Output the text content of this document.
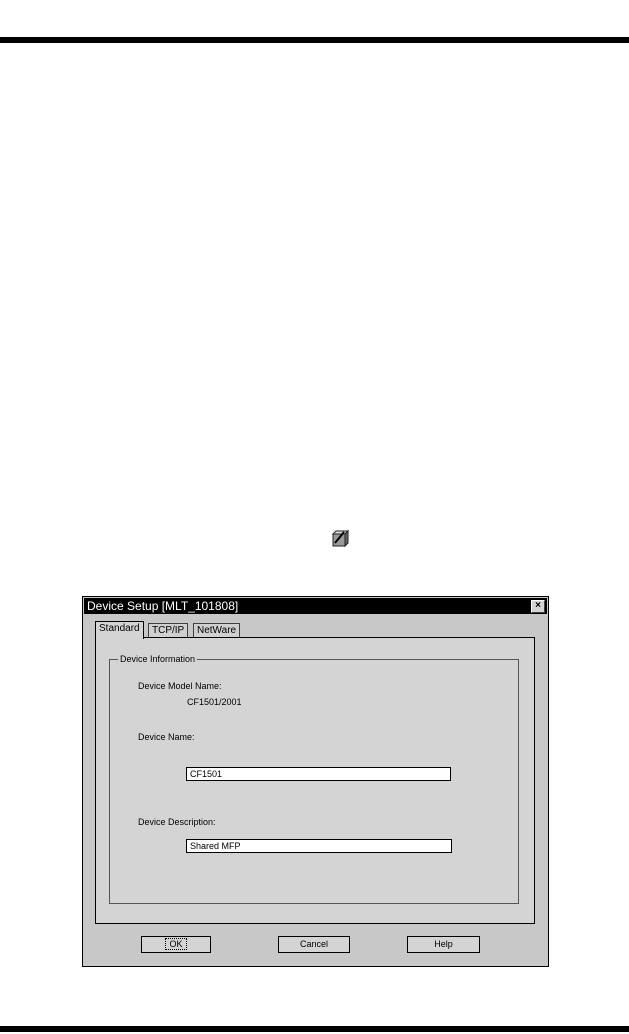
Device Setup [MLT_101808]	×
Standard	TCP/IP	NetWare
Device Information
Device Model Name:
CF1501/2001
Device Name:
CF1501
Device Description:
Shared MFP
OK	Cancel	Help
